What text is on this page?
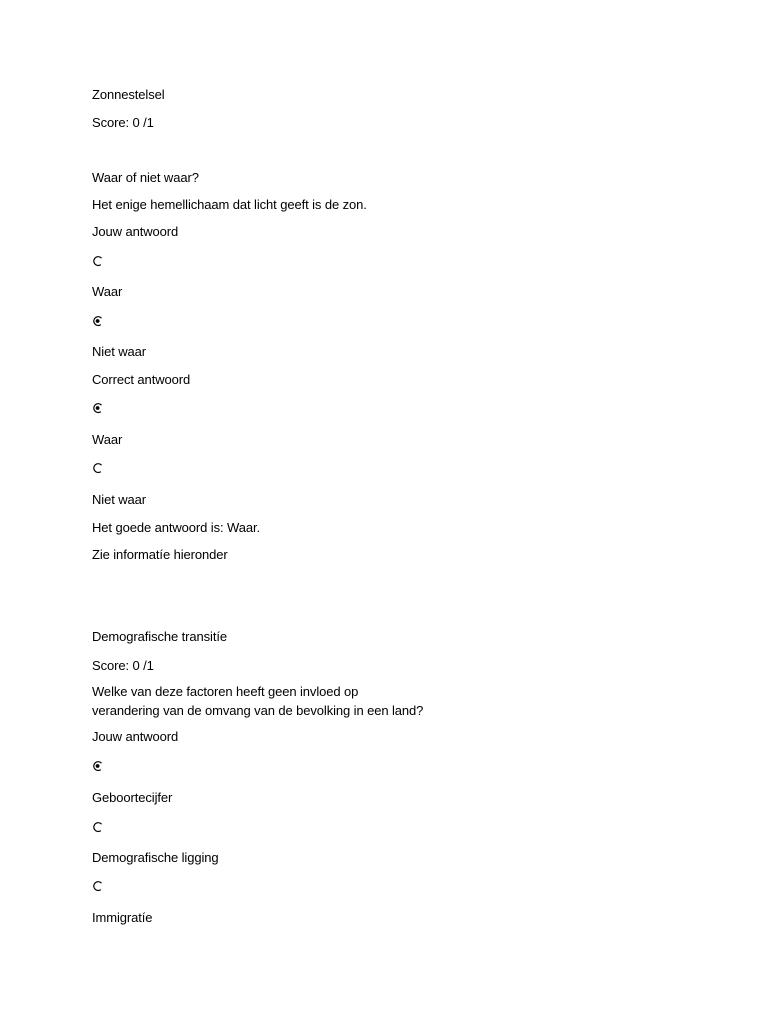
Zonnestelsel
Score: 0 /1
Waar of niet waar?
Het enige hemellichaam dat licht geeft is de zon.
Jouw antwoord
Waar
Niet waar
Correct antwoord
Waar
Niet waar
Het goede antwoord is: Waar.
Zie informatíe hieronder
Demografische transitíe
Score: 0 /1
Welke van deze factoren heeft geen invloed op
verandering van de omvang van de bevolking in een land?
Jouw antwoord
Geboortecijfer
Demografische ligging
Immigratíe
